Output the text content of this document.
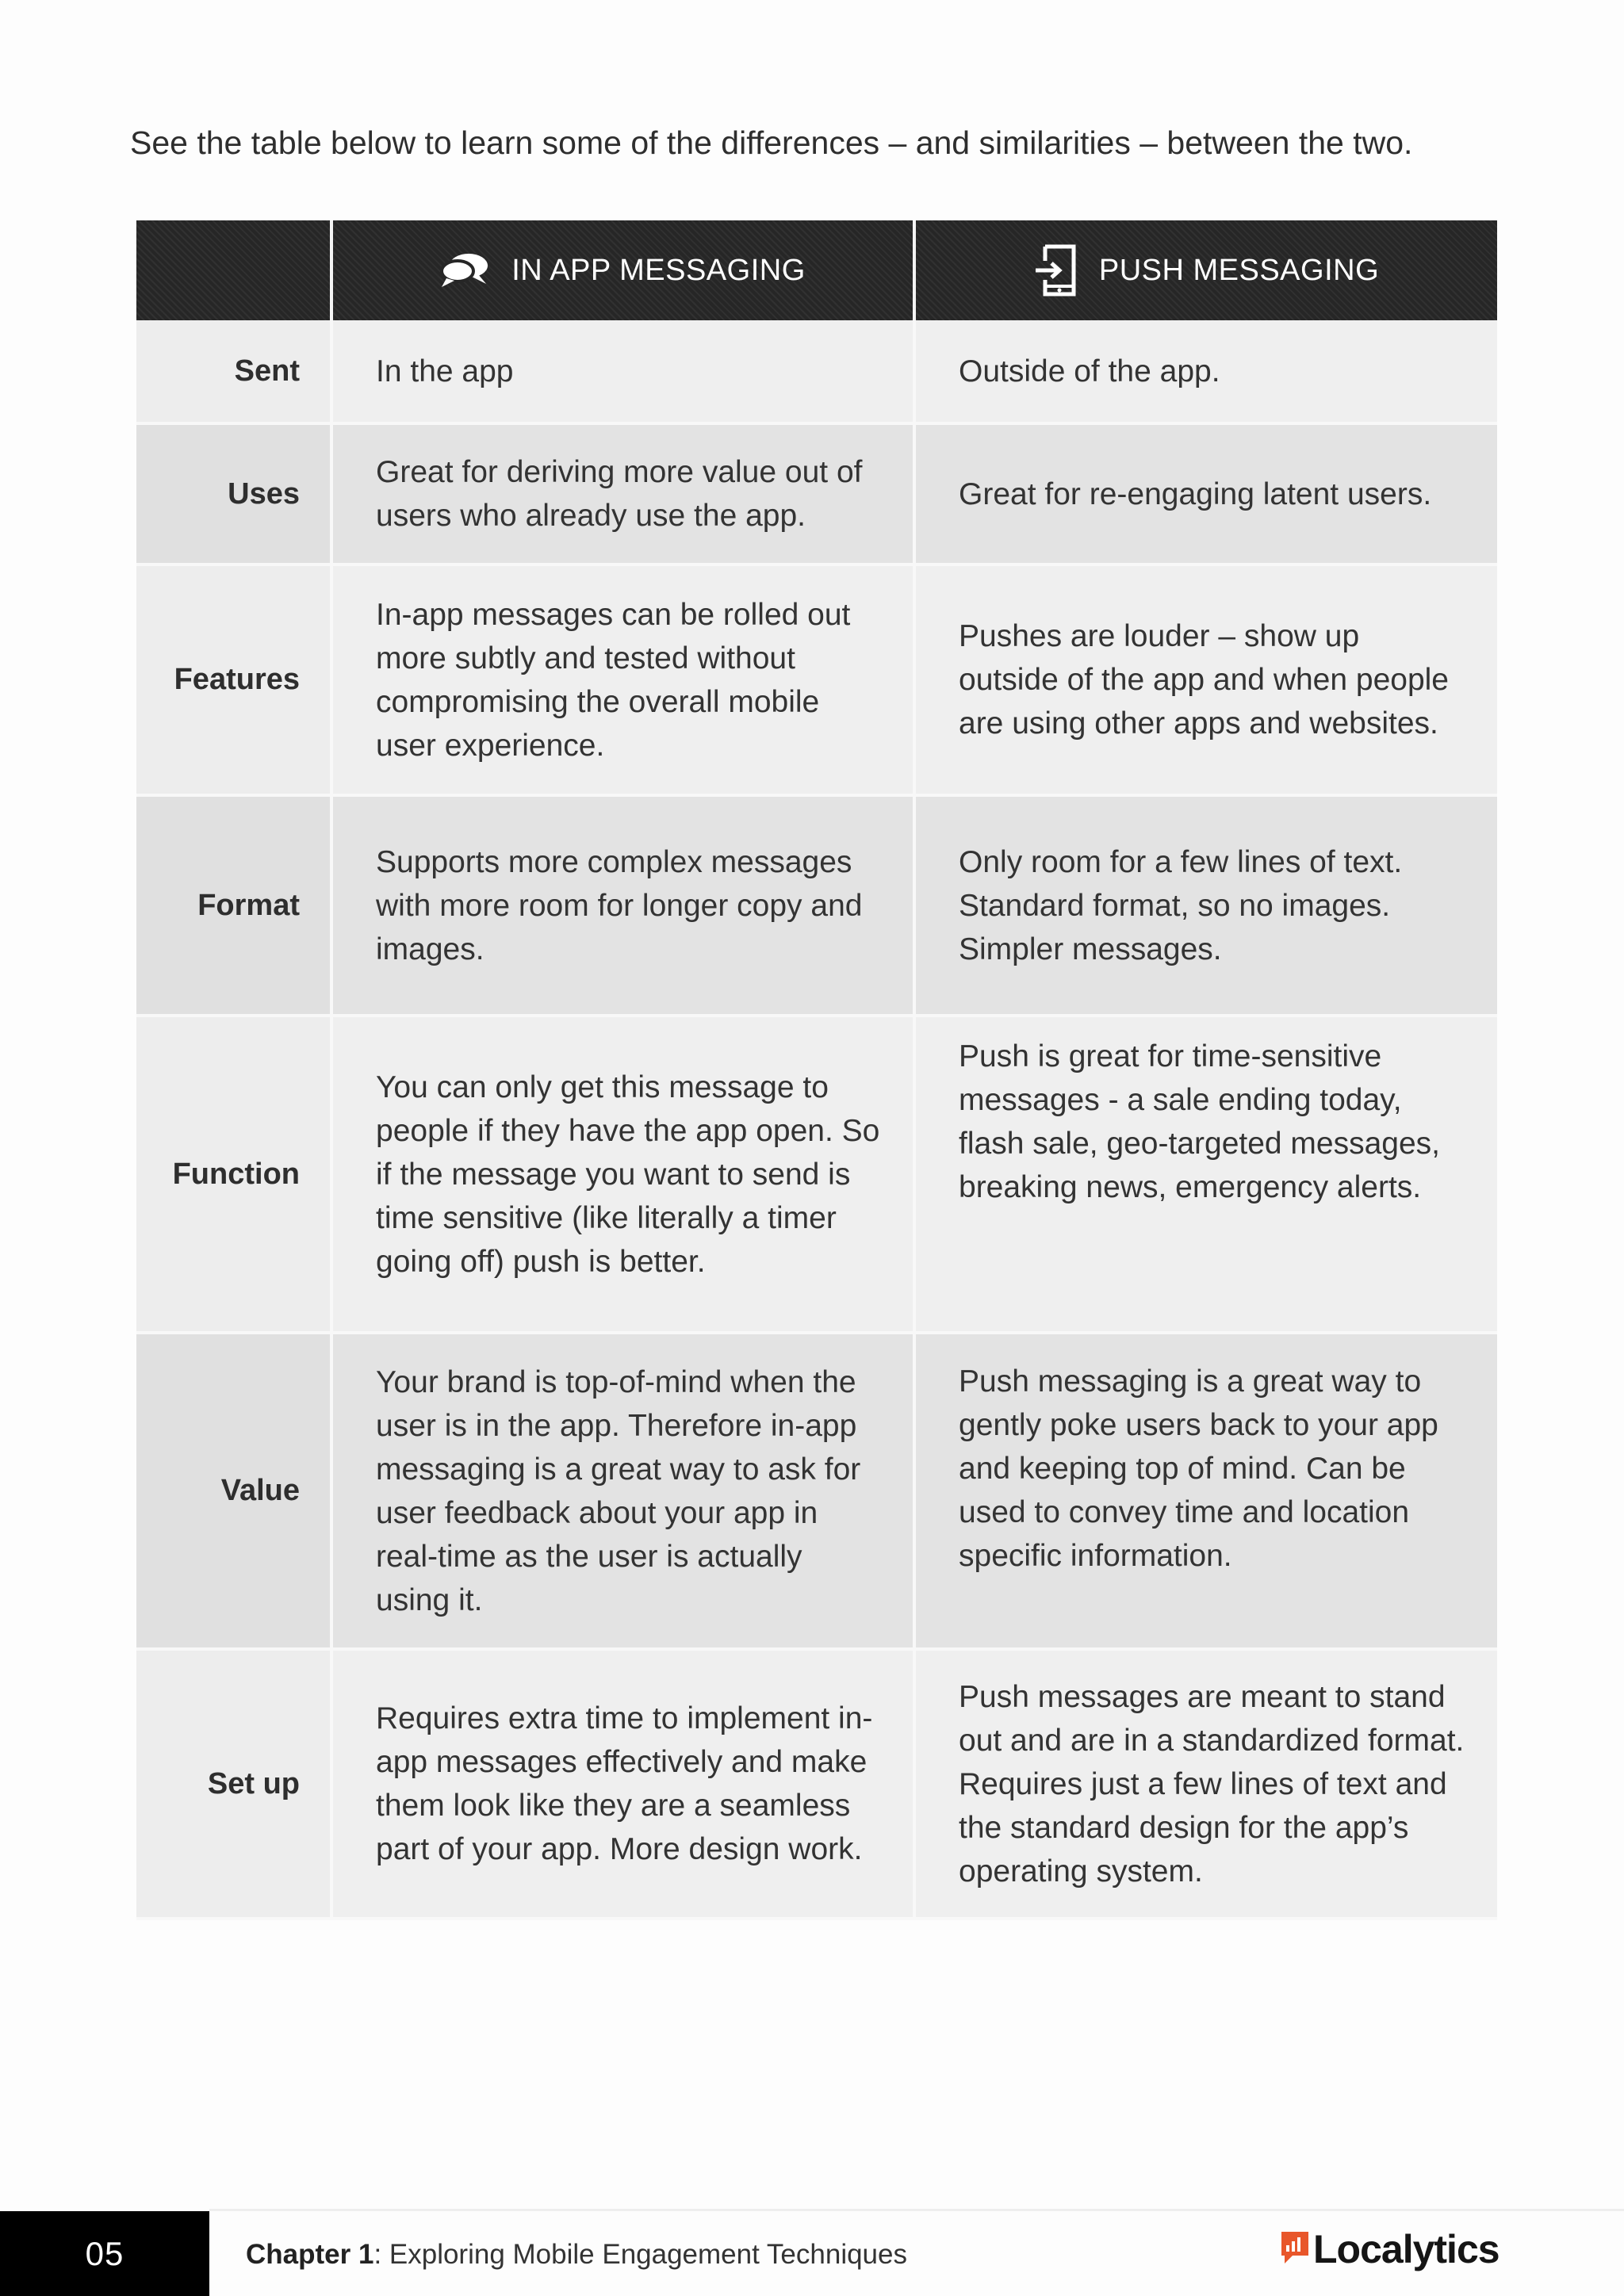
See the table below to learn some of the differences – and similarities – between the two.

	IN APP MESSAGING	PUSH MESSAGING

Sent	In the app	Outside of the app.
Uses	Great for deriving more value out of users who already use the app.	Great for re-engaging latent users.
Features	In-app messages can be rolled out more subtly and tested without compromising the overall mobile user experience.	Pushes are louder – show up outside of the app and when people are using other apps and websites.
Format	Supports more complex messages with more room for longer copy and images.	Only room for a few lines of text. Standard format, so no images. Simpler messages.
Function	You can only get this message to people if they have the app open. So if the message you want to send is time sensitive (like literally a timer going off) push is better.	Push is great for time-sensitive messages - a sale ending today, flash sale, geo-targeted messages, breaking news, emergency alerts.
Value	Your brand is top-of-mind when the user is in the app. Therefore in-app messaging is a great way to ask for user feedback about your app in real-time as the user is actually using it.	Push messaging is a great way to gently poke users back to your app and keeping top of mind. Can be used to convey time and location specific information.
Set up	Requires extra time to implement in-app messages effectively and make them look like they are a seamless part of your app. More design work.	Push messages are meant to stand out and are in a standardized format. Requires just a few lines of text and the standard design for the app’s operating system.
05	Chapter 1: Exploring Mobile Engagement Techniques	Localytics
